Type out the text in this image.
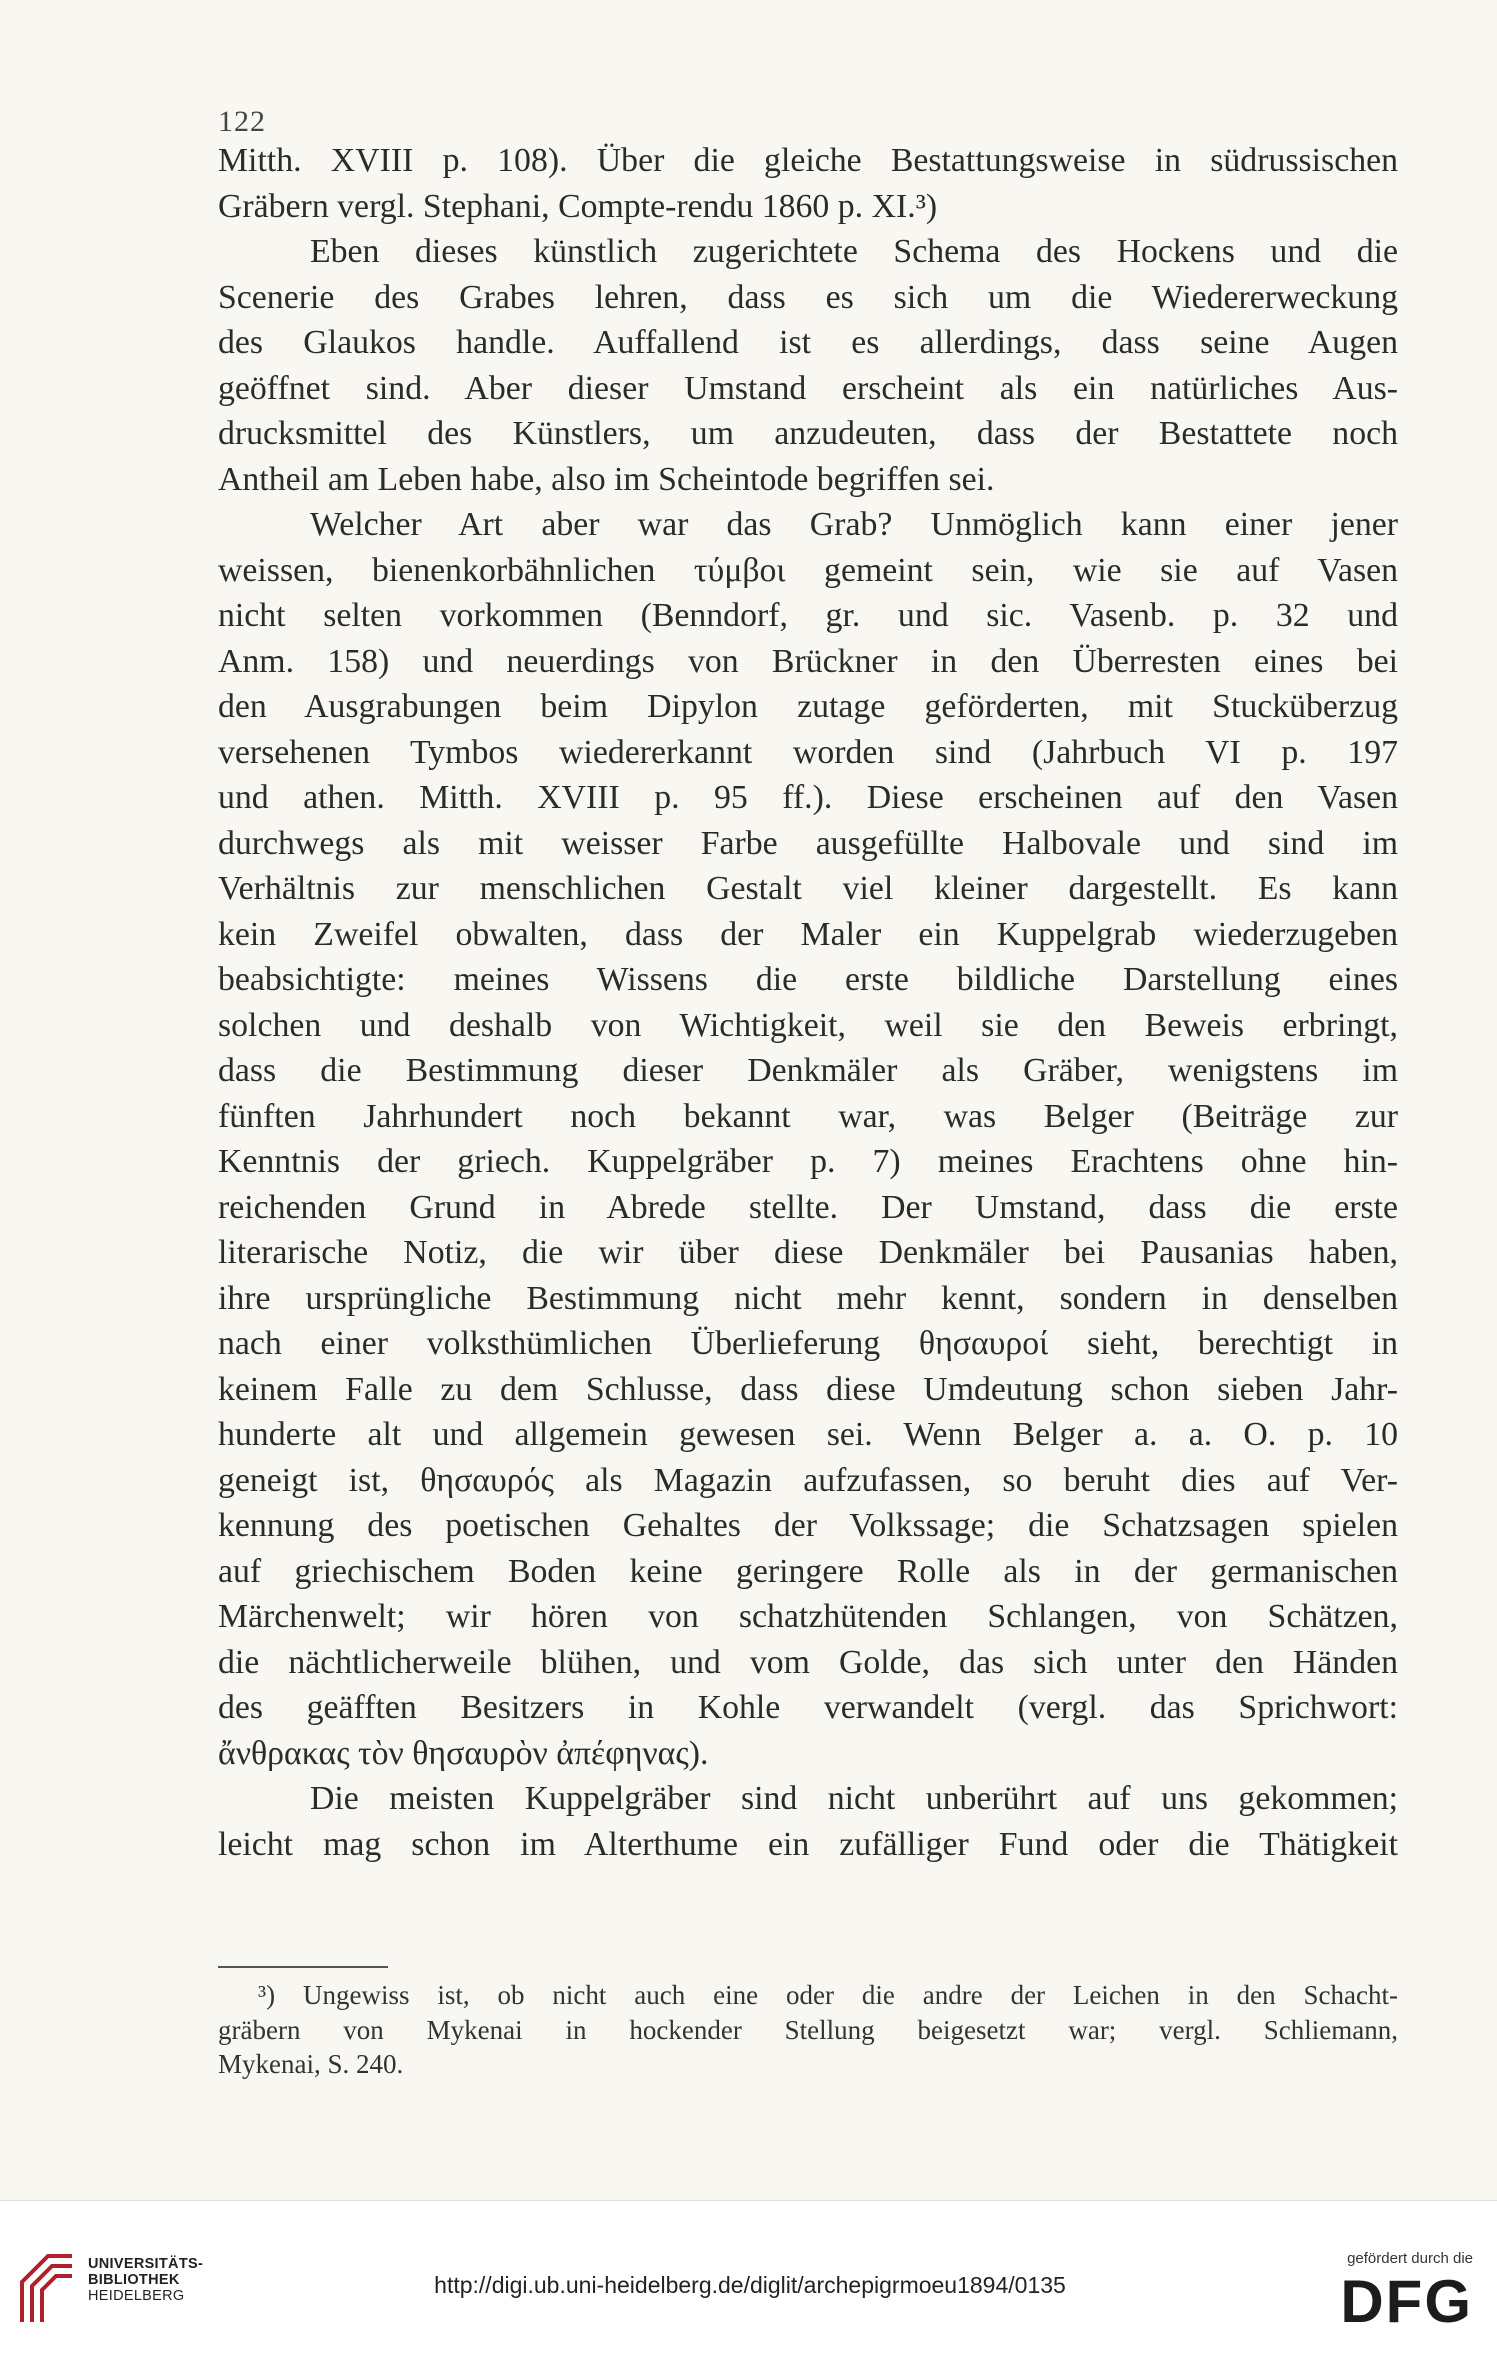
122
Mitth. XVIII p. 108). Über die gleiche Bestattungsweise in südrussischen
Gräbern vergl. Stephani, Compte-rendu 1860 p. XI.³)
Eben dieses künstlich zugerichtete Schema des Hockens und die
Scenerie des Grabes lehren, dass es sich um die Wiedererweckung
des Glaukos handle. Auffallend ist es allerdings, dass seine Augen
geöffnet sind. Aber dieser Umstand erscheint als ein natürliches Aus-
drucksmittel des Künstlers, um anzudeuten, dass der Bestattete noch
Antheil am Leben habe, also im Scheintode begriffen sei.
Welcher Art aber war das Grab? Unmöglich kann einer jener
weissen, bienenkorbähnlichen τύμβοι gemeint sein, wie sie auf Vasen
nicht selten vorkommen (Benndorf, gr. und sic. Vasenb. p. 32 und
Anm. 158) und neuerdings von Brückner in den Überresten eines bei
den Ausgrabungen beim Dipylon zutage geförderten, mit Stucküberzug
versehenen Tymbos wiedererkannt worden sind (Jahrbuch VI p. 197
und athen. Mitth. XVIII p. 95 ff.). Diese erscheinen auf den Vasen
durchwegs als mit weisser Farbe ausgefüllte Halbovale und sind im
Verhältnis zur menschlichen Gestalt viel kleiner dargestellt. Es kann
kein Zweifel obwalten, dass der Maler ein Kuppelgrab wiederzugeben
beabsichtigte: meines Wissens die erste bildliche Darstellung eines
solchen und deshalb von Wichtigkeit, weil sie den Beweis erbringt,
dass die Bestimmung dieser Denkmäler als Gräber, wenigstens im
fünften Jahrhundert noch bekannt war, was Belger (Beiträge zur
Kenntnis der griech. Kuppelgräber p. 7) meines Erachtens ohne hin-
reichenden Grund in Abrede stellte. Der Umstand, dass die erste
literarische Notiz, die wir über diese Denkmäler bei Pausanias haben,
ihre ursprüngliche Bestimmung nicht mehr kennt, sondern in denselben
nach einer volksthümlichen Überlieferung θησαυροί sieht, berechtigt in
keinem Falle zu dem Schlusse, dass diese Umdeutung schon sieben Jahr-
hunderte alt und allgemein gewesen sei. Wenn Belger a. a. O. p. 10
geneigt ist, θησαυρός als Magazin aufzufassen, so beruht dies auf Ver-
kennung des poetischen Gehaltes der Volkssage; die Schatzsagen spielen
auf griechischem Boden keine geringere Rolle als in der germanischen
Märchenwelt; wir hören von schatzhütenden Schlangen, von Schätzen,
die nächtlicherweile blühen, und vom Golde, das sich unter den Händen
des geäfften Besitzers in Kohle verwandelt (vergl. das Sprichwort:
ἄνθρακας τὸν θησαυρὸν ἀπέφηνας).
Die meisten Kuppelgräber sind nicht unberührt auf uns gekommen;
leicht mag schon im Alterthume ein zufälliger Fund oder die Thätigkeit
³) Ungewiss ist, ob nicht auch eine oder die andre der Leichen in den Schacht-
gräbern von Mykenai in hockender Stellung beigesetzt war; vergl. Schliemann,
Mykenai, S. 240.
UNIVERSITÄTS-
BIBLIOTHEK
HEIDELBERG	http://digi.ub.uni-heidelberg.de/diglit/archepigrmoeu1894/0135
gefördert durch die
DFG
